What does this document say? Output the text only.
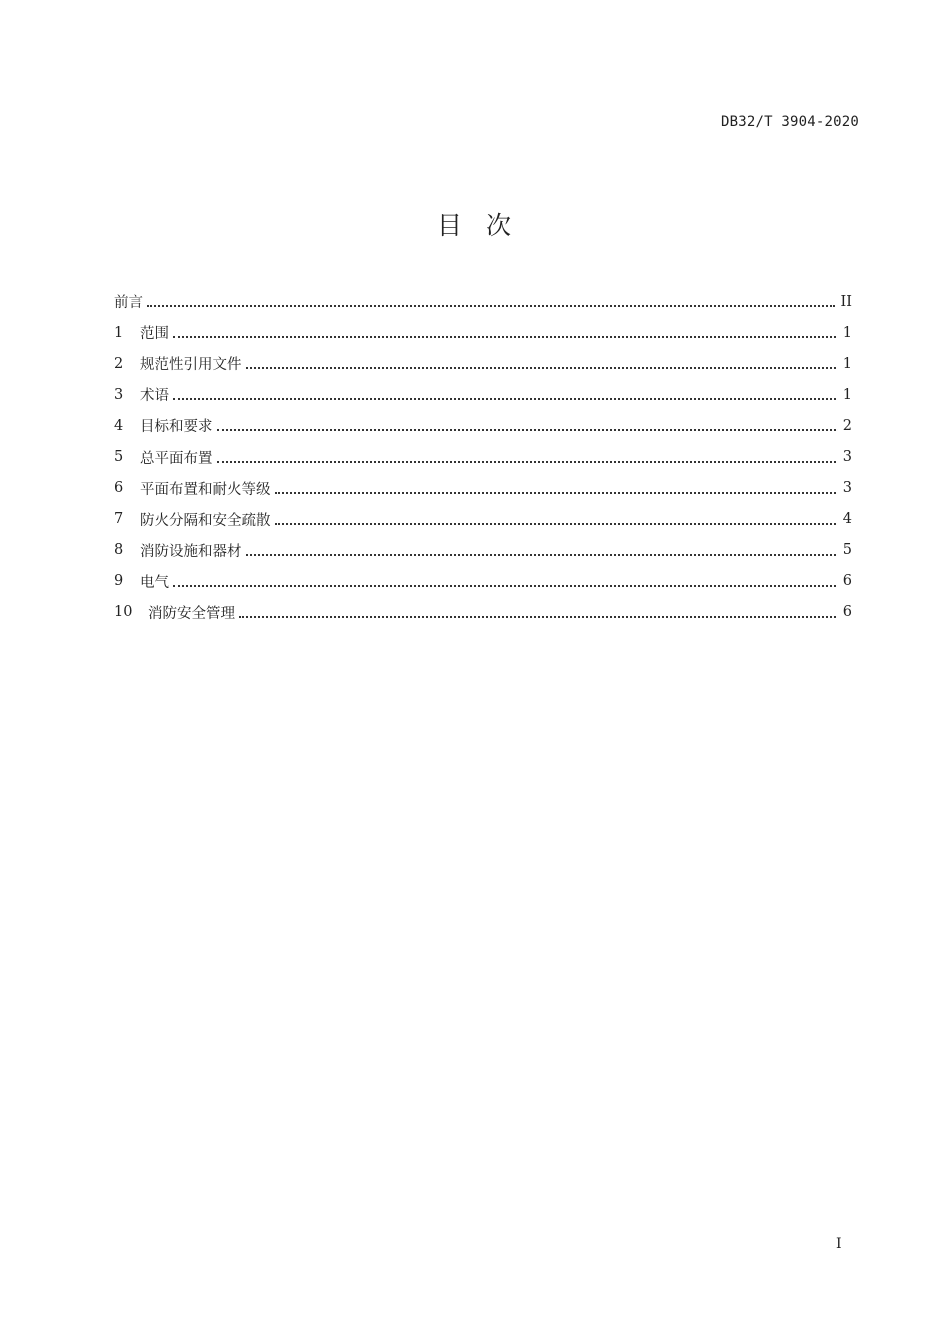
DB32/T 3904-2020
目 次
前言	II
1	范围	1
2	规范性引用文件	1
3	术语	1
4	目标和要求	2
5	总平面布置	3
6	平面布置和耐火等级	3
7	防火分隔和安全疏散	4
8	消防设施和器材	5
9	电气	6
10	消防安全管理	6
I
